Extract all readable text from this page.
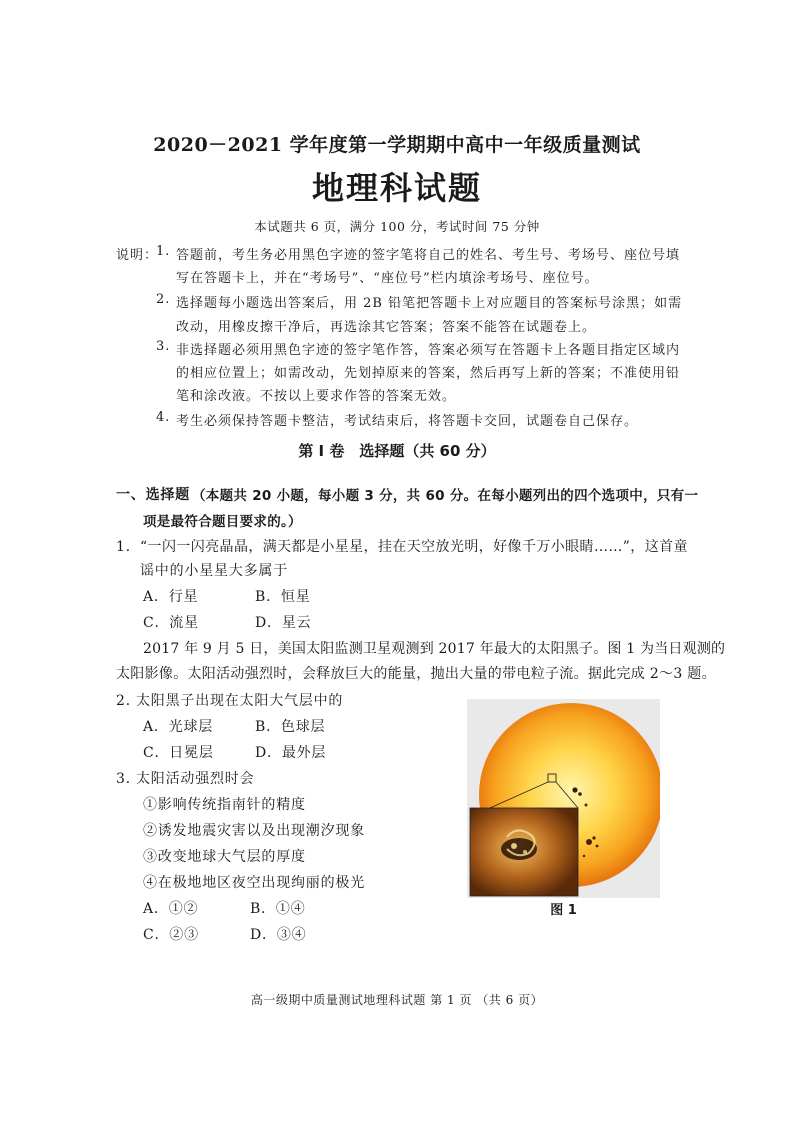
2020－2021 学年度第一学期期中高中一年级质量测试
地理科试题
本试题共 6 页，满分 100 分，考试时间 75 分钟
说明：
1. 答题前，考生务必用黑色字迹的签字笔将自己的姓名、考生号、考场号、座位号填
写在答题卡上，并在“考场号”、“座位号”栏内填涂考场号、座位号。
2. 选择题每小题选出答案后，用 2B 铅笔把答题卡上对应题目的答案标号涂黑；如需
改动，用橡皮擦干净后，再选涂其它答案；答案不能答在试题卷上。
3. 非选择题必须用黑色字迹的签字笔作答，答案必须写在答题卡上各题目指定区域内
的相应位置上；如需改动，先划掉原来的答案，然后再写上新的答案；不准使用铅
笔和涂改液。不按以上要求作答的答案无效。
4. 考生必须保持答题卡整洁，考试结束后，将答题卡交回，试题卷自己保存。
第 I 卷　选择题（共 60 分）
一、选择题 （本题共 20 小题，每小题 3 分，共 60 分。在每小题列出的四个选项中，只有一
项是最符合题目要求的。）
1． “一闪一闪亮晶晶，满天都是小星星，挂在天空放光明，好像千万小眼睛……”，这首童
谣中的小星星大多属于
A．行星	B．恒星
C．流星	D．星云
2017 年 9 月 5 日，美国太阳监测卫星观测到 2017 年最大的太阳黑子。图 1 为当日观测的
太阳影像。太阳活动强烈时，会释放巨大的能量，抛出大量的带电粒子流。据此完成 2～3 题。
2．
太阳黑子出现在太阳大气层中的
A．光球层	B．色球层
C．日冕层	D．最外层
3．
太阳活动强烈时会
①影响传统指南针的精度
②诱发地震灾害以及出现潮汐现象
③改变地球大气层的厚度
④在极地地区夜空出现绚丽的极光
A．①②	B．①④
C．②③	D．③④
图 1
高一级期中质量测试地理科试题 第 1 页 （共 6 页）
